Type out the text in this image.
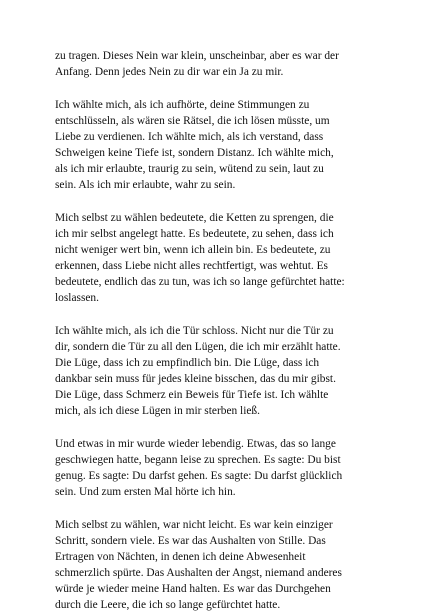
zu tragen. Dieses Nein war klein, unscheinbar, aber es war der
Anfang. Denn jedes Nein zu dir war ein Ja zu mir.

Ich wählte mich, als ich aufhörte, deine Stimmungen zu
entschlüsseln, als wären sie Rätsel, die ich lösen müsste, um
Liebe zu verdienen. Ich wählte mich, als ich verstand, dass
Schweigen keine Tiefe ist, sondern Distanz. Ich wählte mich,
als ich mir erlaubte, traurig zu sein, wütend zu sein, laut zu
sein. Als ich mir erlaubte, wahr zu sein.

Mich selbst zu wählen bedeutete, die Ketten zu sprengen, die
ich mir selbst angelegt hatte. Es bedeutete, zu sehen, dass ich
nicht weniger wert bin, wenn ich allein bin. Es bedeutete, zu
erkennen, dass Liebe nicht alles rechtfertigt, was wehtut. Es
bedeutete, endlich das zu tun, was ich so lange gefürchtet hatte:
loslassen.

Ich wählte mich, als ich die Tür schloss. Nicht nur die Tür zu
dir, sondern die Tür zu all den Lügen, die ich mir erzählt hatte.
Die Lüge, dass ich zu empfindlich bin. Die Lüge, dass ich
dankbar sein muss für jedes kleine bisschen, das du mir gibst.
Die Lüge, dass Schmerz ein Beweis für Tiefe ist. Ich wählte
mich, als ich diese Lügen in mir sterben ließ.

Und etwas in mir wurde wieder lebendig. Etwas, das so lange
geschwiegen hatte, begann leise zu sprechen. Es sagte: Du bist
genug. Es sagte: Du darfst gehen. Es sagte: Du darfst glücklich
sein. Und zum ersten Mal hörte ich hin.

Mich selbst zu wählen, war nicht leicht. Es war kein einziger
Schritt, sondern viele. Es war das Aushalten von Stille. Das
Ertragen von Nächten, in denen ich deine Abwesenheit
schmerzlich spürte. Das Aushalten der Angst, niemand anderes
würde je wieder meine Hand halten. Es war das Durchgehen
durch die Leere, die ich so lange gefürchtet hatte.
